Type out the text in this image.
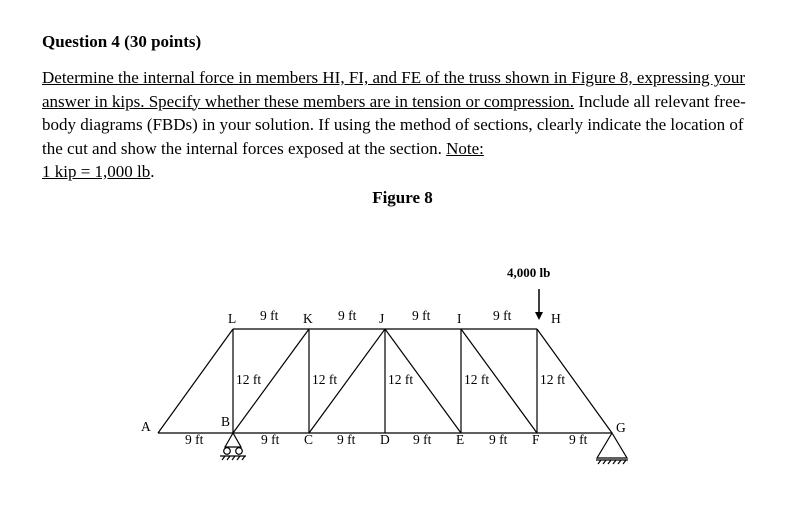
Question 4 (30 points)

Determine the internal force in members HI, FI, and FE of the truss shown in Figure 8, expressing your answer in kips. Specify whether these members are in tension or compression. Include all relevant free-body diagrams (FBDs) in your solution. If using the method of sections, clearly indicate the location of the cut and show the internal forces exposed at the section. Note:
1 kip = 1,000 lb.

Figure 8
4,000 lb
A	B
C	D	E	F
G
H
I
J
K
L 9 ft	9 ft	9 ft	9 ft
9 ft	9 ft	9 ft	9 ft	9 ft	9 ft
12 ft	12 ft	12 ft	12 ft	12 ft
